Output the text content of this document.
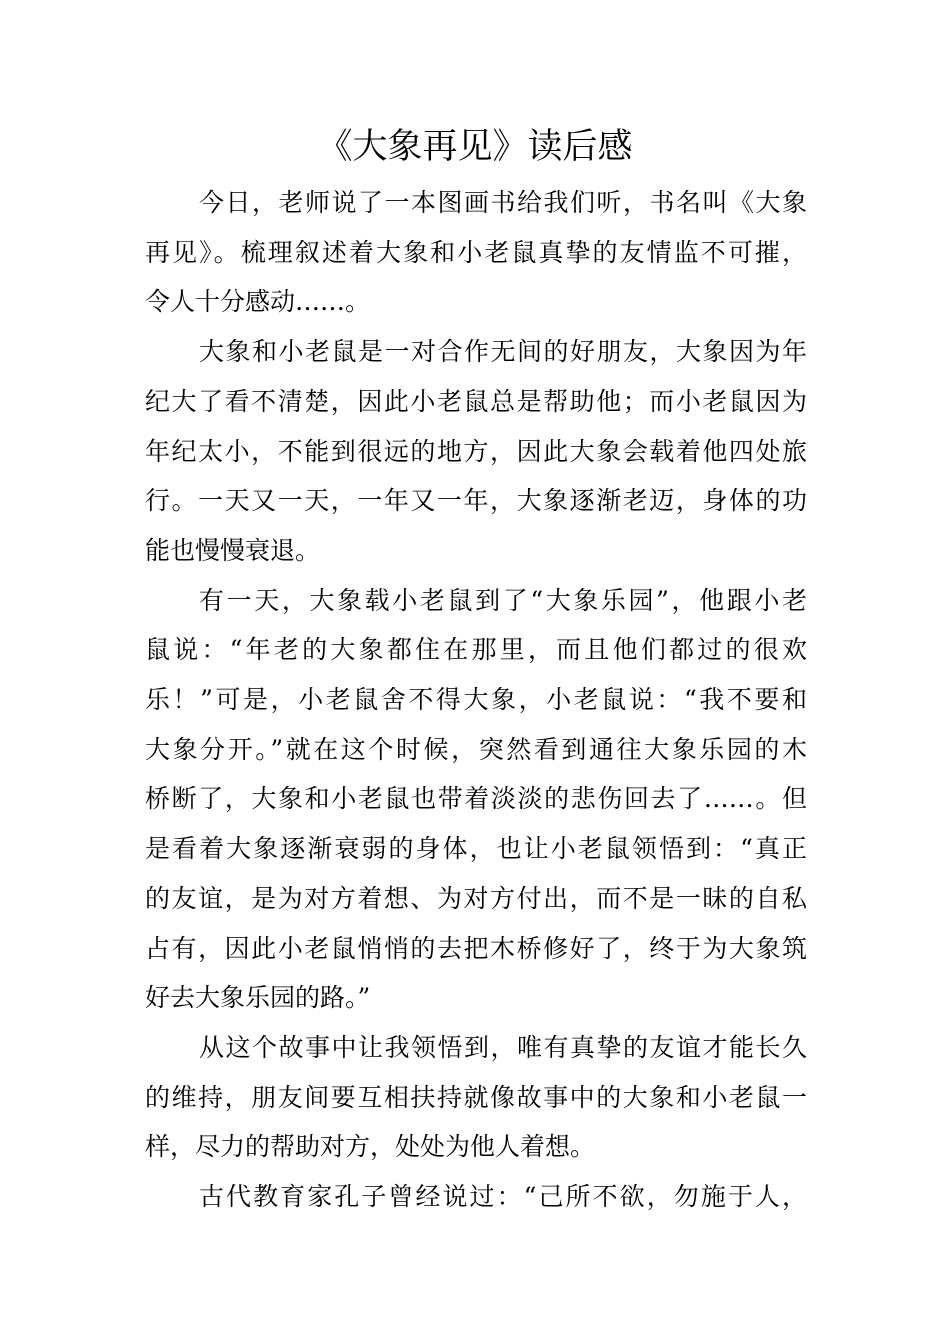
《大象再见》读后感
今日，老师说了一本图画书给我们听，书名叫《大象
再见》。梳理叙述着大象和小老鼠真挚的友情监不可摧，
令人十分感动……。
大象和小老鼠是一对合作无间的好朋友，大象因为年
纪大了看不清楚，因此小老鼠总是帮助他；而小老鼠因为
年纪太小，不能到很远的地方，因此大象会载着他四处旅
行。一天又一天，一年又一年，大象逐渐老迈，身体的功
能也慢慢衰退。
有一天，大象载小老鼠到了“大象乐园”，他跟小老
鼠说：“年老的大象都住在那里，而且他们都过的很欢
乐！”可是，小老鼠舍不得大象，小老鼠说：“我不要和
大象分开。”就在这个时候，突然看到通往大象乐园的木
桥断了，大象和小老鼠也带着淡淡的悲伤回去了……。但
是看着大象逐渐衰弱的身体，也让小老鼠领悟到：“真正
的友谊，是为对方着想、为对方付出，而不是一昧的自私
占有，因此小老鼠悄悄的去把木桥修好了，终于为大象筑
好去大象乐园的路。”
从这个故事中让我领悟到，唯有真挚的友谊才能长久
的维持，朋友间要互相扶持就像故事中的大象和小老鼠一
样，尽力的帮助对方，处处为他人着想。
古代教育家孔子曾经说过：“己所不欲，勿施于人，
